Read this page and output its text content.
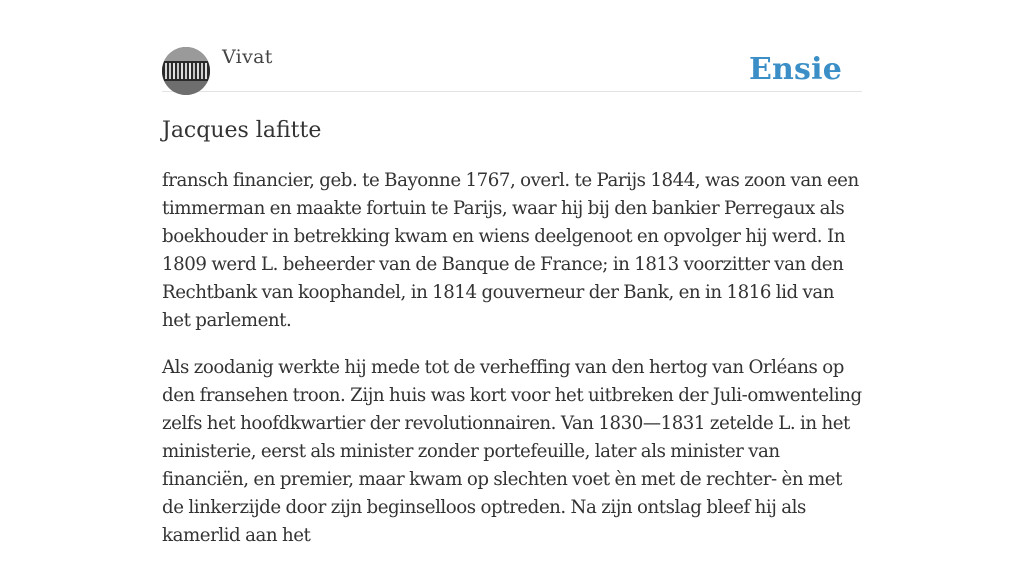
Vivat	Ensie
Jacques lafitte

fransch financier, geb. te Bayonne 1767, overl. te Parijs 1844, was zoon van een timmerman en maakte fortuin te Parijs, waar hij bij den bankier Perregaux als boekhouder in betrekking kwam en wiens deelgenoot en opvolger hij werd. In 1809 werd L. beheerder van de Banque de France; in 1813 voorzitter van den Rechtbank van koophandel, in 1814 gouverneur der Bank, en in 1816 lid van het parlement.

Als zoodanig werkte hij mede tot de verheffing van den hertog van Orléans op den fransehen troon. Zijn huis was kort voor het uitbreken der Juli-omwenteling zelfs het hoofdkwartier der revolutionnairen. Van 1830—1831 zetelde L. in het ministerie, eerst als minister zonder portefeuille, later als minister van financiën, en premier, maar kwam op slechten voet èn met de rechter- èn met de linkerzijde door zijn beginselloos optreden. Na zijn ontslag bleef hij als kamerlid aan het
